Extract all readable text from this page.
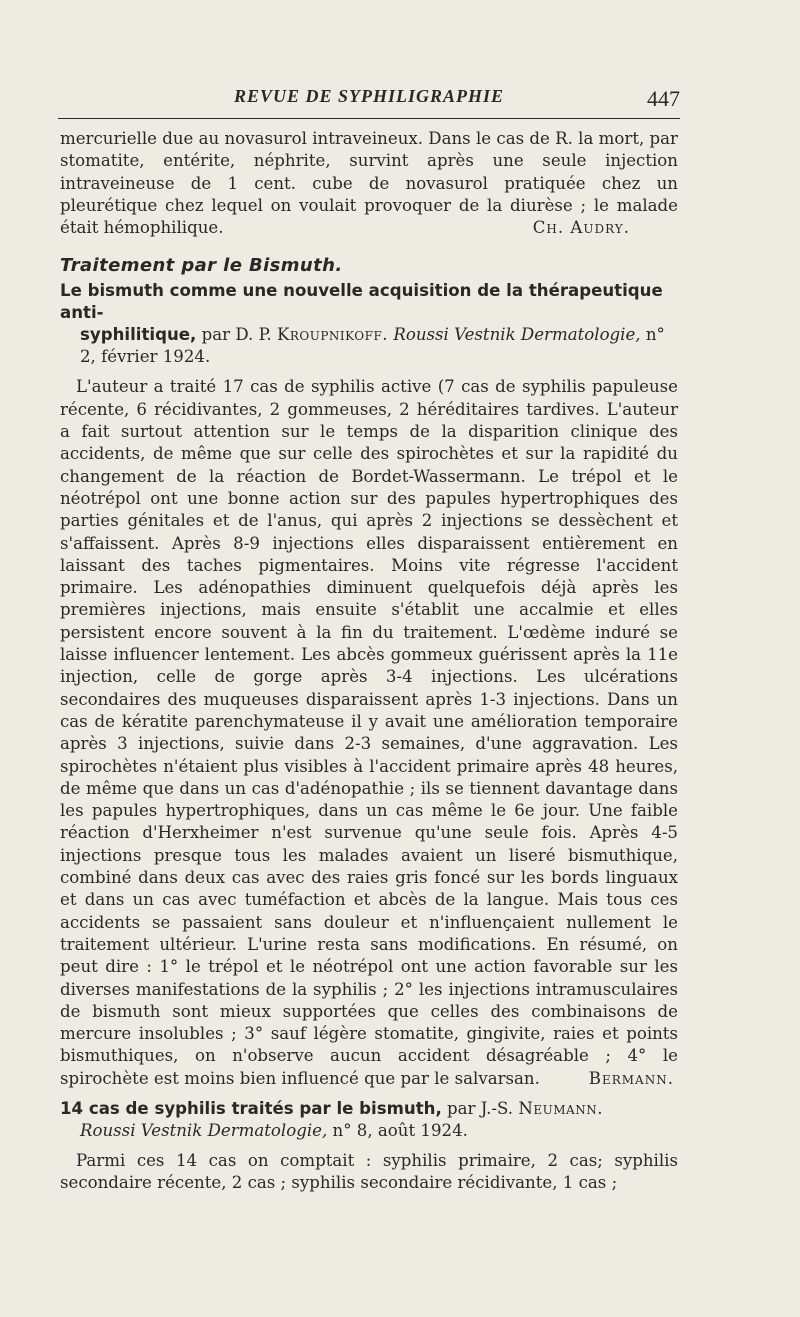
REVUE DE SYPHILIGRAPHIE	447

mercurielle due au novasurol intraveineux. Dans le cas de R. la mort, par stomatite, entérite, néphrite, survint après une seule injection intraveineuse de 1 cent. cube de novasurol pratiquée chez un pleurétique chez lequel on voulait provoquer de la diurèse ; le malade était hémophilique.	Ch. Audry.

Traitement par le Bismuth.
Le bismuth comme une nouvelle acquisition de la thérapeutique anti-
syphilitique, par D. P. Kroupnikoff. Roussi Vestnik Dermatologie, n° 2, février 1924.

L'auteur a traité 17 cas de syphilis active (7 cas de syphilis papuleuse récente, 6 récidivantes, 2 gommeuses, 2 héréditaires tardives. L'auteur a fait surtout attention sur le temps de la disparition clinique des accidents, de même que sur celle des spirochètes et sur la rapidité du changement de la réaction de Bordet-Wassermann. Le trépol et le néotrépol ont une bonne action sur des papules hypertrophiques des parties génitales et de l'anus, qui après 2 injections se dessèchent et s'affaissent. Après 8-9 injections elles disparaissent entièrement en laissant des taches pigmentaires. Moins vite régresse l'accident primaire. Les adénopathies diminuent quelquefois déjà après les premières injections, mais ensuite s'établit une accalmie et elles persistent encore souvent à la fin du traitement. L'œdème induré se laisse influencer lentement. Les abcès gommeux guérissent après la 11e injection, celle de gorge après 3-4 injections. Les ulcérations secondaires des muqueuses disparaissent après 1-3 injections. Dans un cas de kératite parenchymateuse il y avait une amélioration temporaire après 3 injections, suivie dans 2-3 semaines, d'une aggravation. Les spirochètes n'étaient plus visibles à l'accident primaire après 48 heures, de même que dans un cas d'adénopathie ; ils se tiennent davantage dans les papules hypertrophiques, dans un cas même le 6e jour. Une faible réaction d'Herxheimer n'est survenue qu'une seule fois. Après 4-5 injections presque tous les malades avaient un liseré bismuthique, combiné dans deux cas avec des raies gris foncé sur les bords linguaux et dans un cas avec tuméfaction et abcès de la langue. Mais tous ces accidents se passaient sans douleur et n'influençaient nullement le traitement ultérieur. L'urine resta sans modifications. En résumé, on peut dire : 1° le trépol et le néotrépol ont une action favorable sur les diverses manifestations de la syphilis ; 2° les injections intramusculaires de bismuth sont mieux supportées que celles des combinaisons de mercure insolubles ; 3° sauf légère stomatite, gingivite, raies et points bismuthiques, on n'observe aucun accident désagréable ; 4° le spirochète est moins bien influencé que par le salvarsan.	Bermann.

14 cas de syphilis traités par le bismuth, par J.-S. Neumann.
Roussi Vestnik Dermatologie, n° 8, août 1924.

Parmi ces 14 cas on comptait : syphilis primaire, 2 cas; syphilis secondaire récente, 2 cas ; syphilis secondaire récidivante, 1 cas ;
